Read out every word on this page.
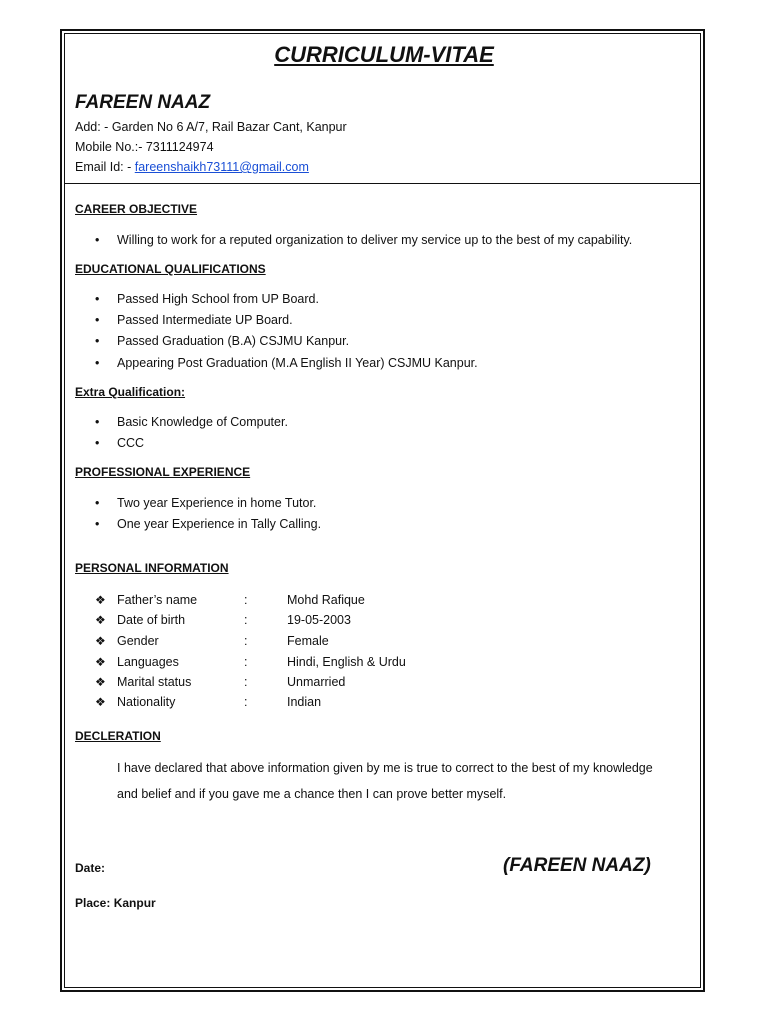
CURRICULUM-VITAE
FAREEN NAAZ
Add: - Garden No 6 A/7, Rail Bazar Cant, Kanpur
Mobile No.:- 7311124974
Email Id: - fareenshaikh73111@gmail.com
CAREER OBJECTIVE
• Willing to work for a reputed organization to deliver my service up to the best of my capability.
EDUCATIONAL QUALIFICATIONS
• Passed High School from UP Board.
• Passed Intermediate UP Board.
• Passed Graduation (B.A) CSJMU Kanpur.
• Appearing Post Graduation (M.A English II Year) CSJMU Kanpur.
Extra Qualification:
• Basic Knowledge of Computer.
• CCC
PROFESSIONAL EXPERIENCE
• Two year Experience in home Tutor.
• One year Experience in Tally Calling.
PERSONAL INFORMATION
❖ Father’s name	:	Mohd Rafique
❖ Date of birth	:	19-05-2003
❖ Gender	:	Female
❖ Languages	:	Hindi, English & Urdu
❖ Marital status	:	Unmarried
❖ Nationality	:	Indian
DECLERATION
I have declared that above information given by me is true to correct to the best of my knowledge
and belief and if you gave me a chance then I can prove better myself.
Date:	(FAREEN NAAZ)
Place: Kanpur
